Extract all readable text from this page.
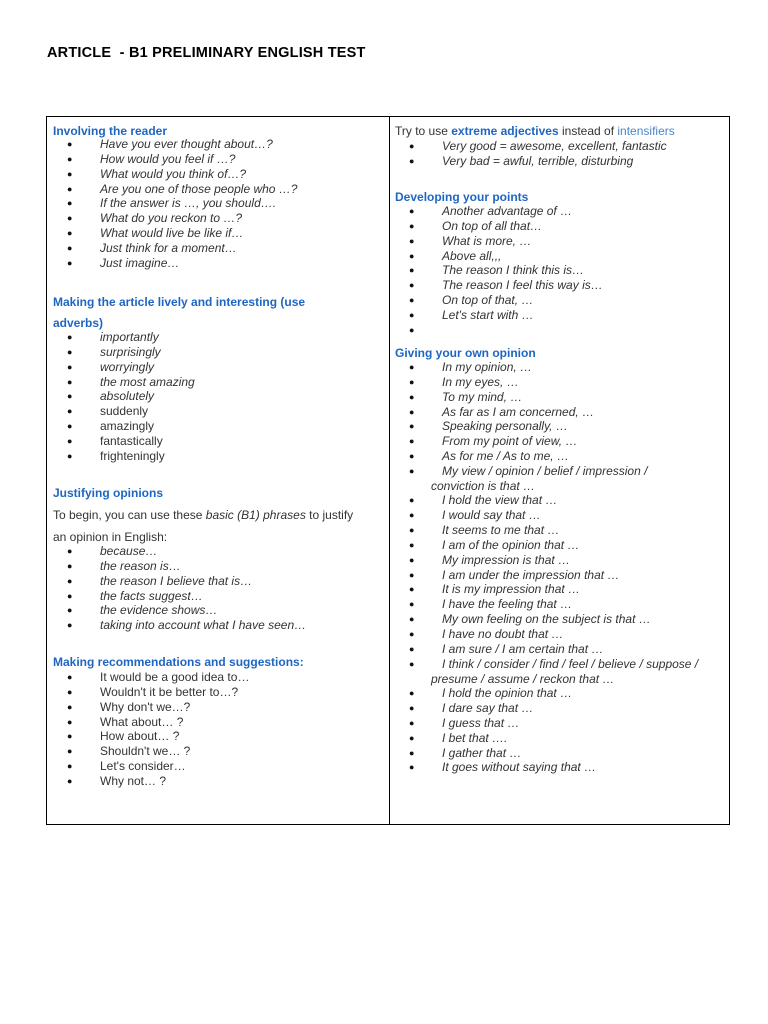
ARTICLE  - B1 PRELIMINARY ENGLISH TEST
Involving the reader
● Have you ever thought about…?
● How would you feel if …?
● What would you think of…?
● Are you one of those people who …?
● If the answer is …, you should….
● What do you reckon to …?
● What would live be like if…
● Just think for a moment…
● Just imagine…
Making the article lively and interesting (use
adverbs)
● importantly
● surprisingly
● worryingly
● the most amazing
● absolutely
● suddenly
● amazingly
● fantastically
● frighteningly
Justifying opinions
To begin, you can use these basic (B1) phrases to justify
an opinion in English:
● because…
● the reason is…
● the reason I believe that is…
● the facts suggest…
● the evidence shows…
● taking into account what I have seen…
Making recommendations and suggestions:
● It would be a good idea to…
● Wouldn't it be better to…?
● Why don't we…?
● What about… ?
● How about… ?
● Shouldn't we… ?
● Let's consider…
● Why not… ?
Try to use extreme adjectives instead of intensifiers
● Very good = awesome, excellent, fantastic
● Very bad = awful, terrible, disturbing
Developing your points
● Another advantage of …
● On top of all that…
● What is more, …
● Above all,,,
● The reason I think this is…
● The reason I feel this way is…
● On top of that, …
● Let's start with …
●
Giving your own opinion
● In my opinion, …
● In my eyes, …
● To my mind, …
● As far as I am concerned, …
● Speaking personally, …
● From my point of view, …
● As for me / As to me, …
● My view / opinion / belief / impression /
conviction is that …
● I hold the view that …
● I would say that …
● It seems to me that …
● I am of the opinion that …
● My impression is that …
● I am under the impression that …
● It is my impression that …
● I have the feeling that …
● My own feeling on the subject is that …
● I have no doubt that …
● I am sure / I am certain that …
● I think / consider / find / feel / believe / suppose /
presume / assume / reckon that …
● I hold the opinion that …
● I dare say that …
● I guess that …
● I bet that ….
● I gather that …
● It goes without saying that …
